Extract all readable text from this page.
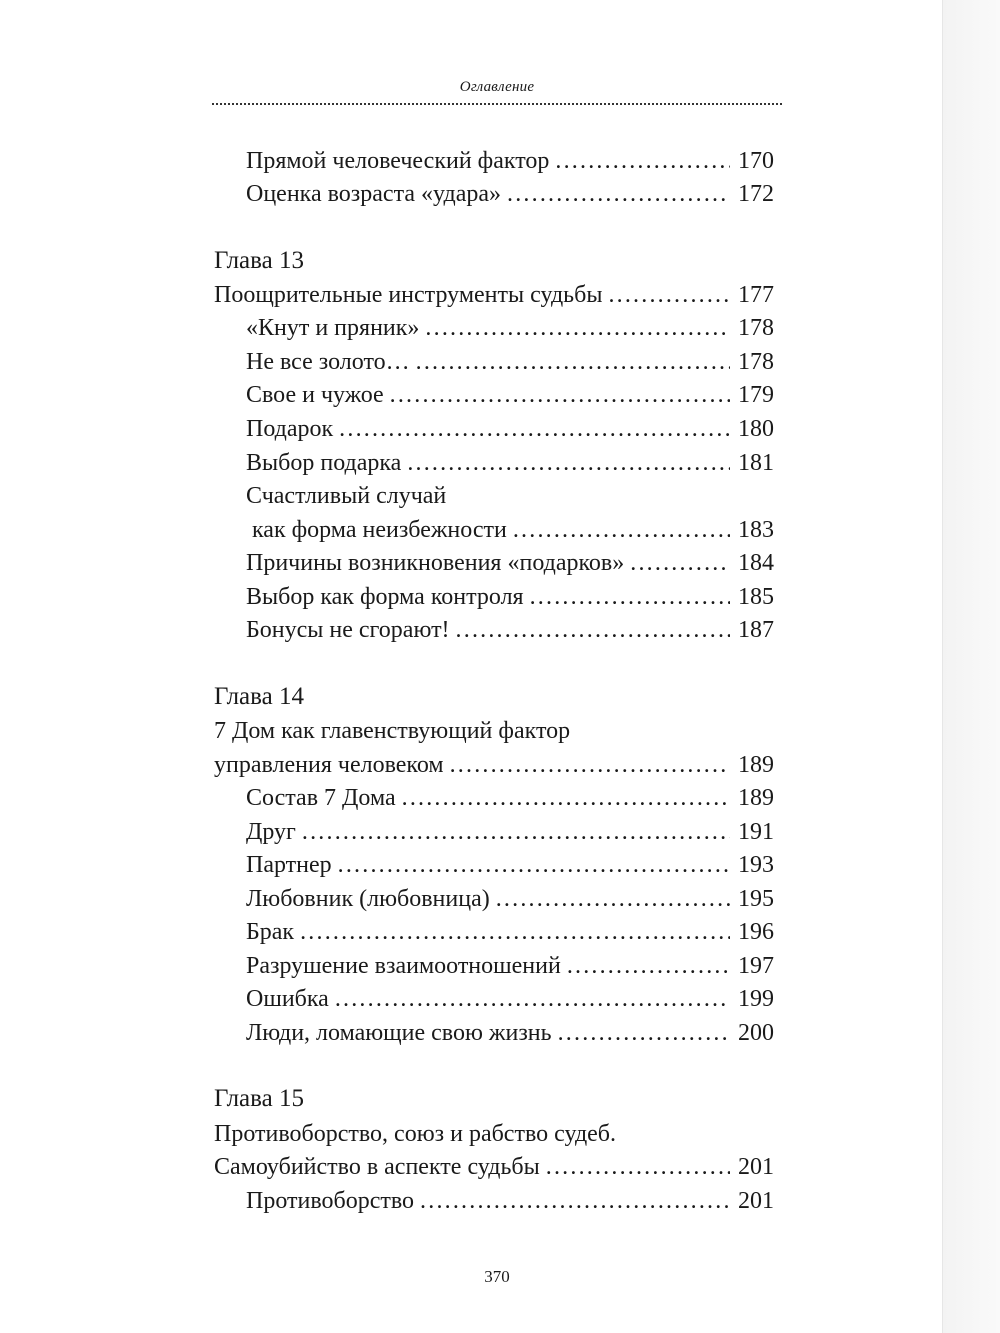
Оглавление
Прямой человеческий фактор .....	170
Оценка возраста «удара» .....	172
Глава 13
Поощрительные инструменты судьбы .....	177
«Кнут и пряник» .....	178
Не все золото… .....	178
Свое и чужое .....	179
Подарок .....	180
Выбор подарка .....	181
Счастливый случай
как форма неизбежности .....	183
Причины возникновения «подарков» .....	184
Выбор как форма контроля .....	185
Бонусы не сгорают! .....	187
Глава 14
7 Дом как главенствующий фактор
управления человеком .....	189
Состав 7 Дома .....	189
Друг .....	191
Партнер .....	193
Любовник (любовница) .....	195
Брак .....	196
Разрушение взаимоотношений .....	197
Ошибка .....	199
Люди, ломающие свою жизнь .....	200
Глава 15
Противоборство, союз и рабство судеб.
Самоубийство в аспекте судьбы .....	201
Противоборство .....	201
370
